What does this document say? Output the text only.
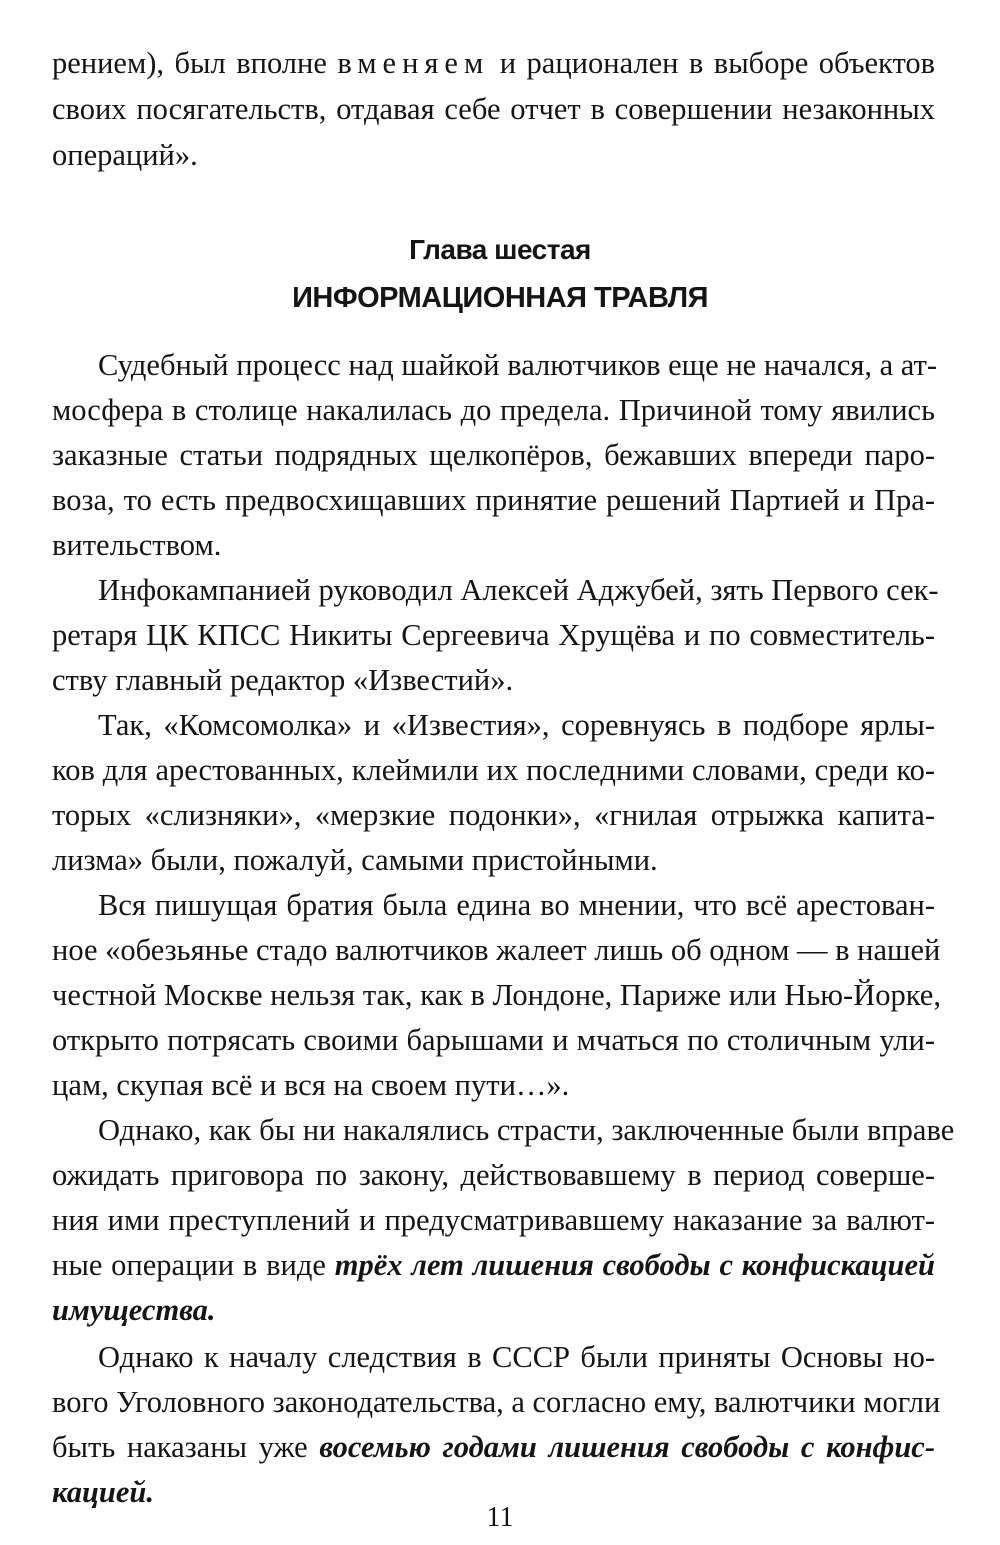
рением), был вполне вменяем и рационален в выборе объектов
своих посягательств, отдавая себе отчет в совершении незаконных
операций».
Глава шестая
ИНФОРМАЦИОННАЯ ТРАВЛЯ
Судебный процесс над шайкой валютчиков еще не начался, а ат-
мосфера в столице накалилась до предела. Причиной тому явились
заказные статьи подрядных щелкопёров, бежавших впереди паро-
воза, то есть предвосхищавших принятие решений Партией и Пра-
вительством.
Инфокампанией руководил Алексей Аджубей, зять Первого сек-
ретаря ЦК КПСС Никиты Сергеевича Хрущёва и по совместитель-
ству главный редактор «Известий».
Так, «Комсомолка» и «Известия», соревнуясь в подборе ярлы-
ков для арестованных, клеймили их последними словами, среди ко-
торых «слизняки», «мерзкие подонки», «гнилая отрыжка капита-
лизма» были, пожалуй, самыми пристойными.
Вся пишущая братия была едина во мнении, что всё арестован-
ное «обезьянье стадо валютчиков жалеет лишь об одном — в нашей
честной Москве нельзя так, как в Лондоне, Париже или Нью-Йорке,
открыто потрясать своими барышами и мчаться по столичным ули-
цам, скупая всё и вся на своем пути…».
Однако, как бы ни накалялись страсти, заключенные были вправе
ожидать приговора по закону, действовавшему в период соверше-
ния ими преступлений и предусматривавшему наказание за валют-
ные операции в виде трёх лет лишения свободы с конфискацией
имущества.
Однако к началу следствия в СССР были приняты Основы но-
вого Уголовного законодательства, а согласно ему, валютчики могли
быть наказаны уже восемью годами лишения свободы с конфис-
кацией.
11
